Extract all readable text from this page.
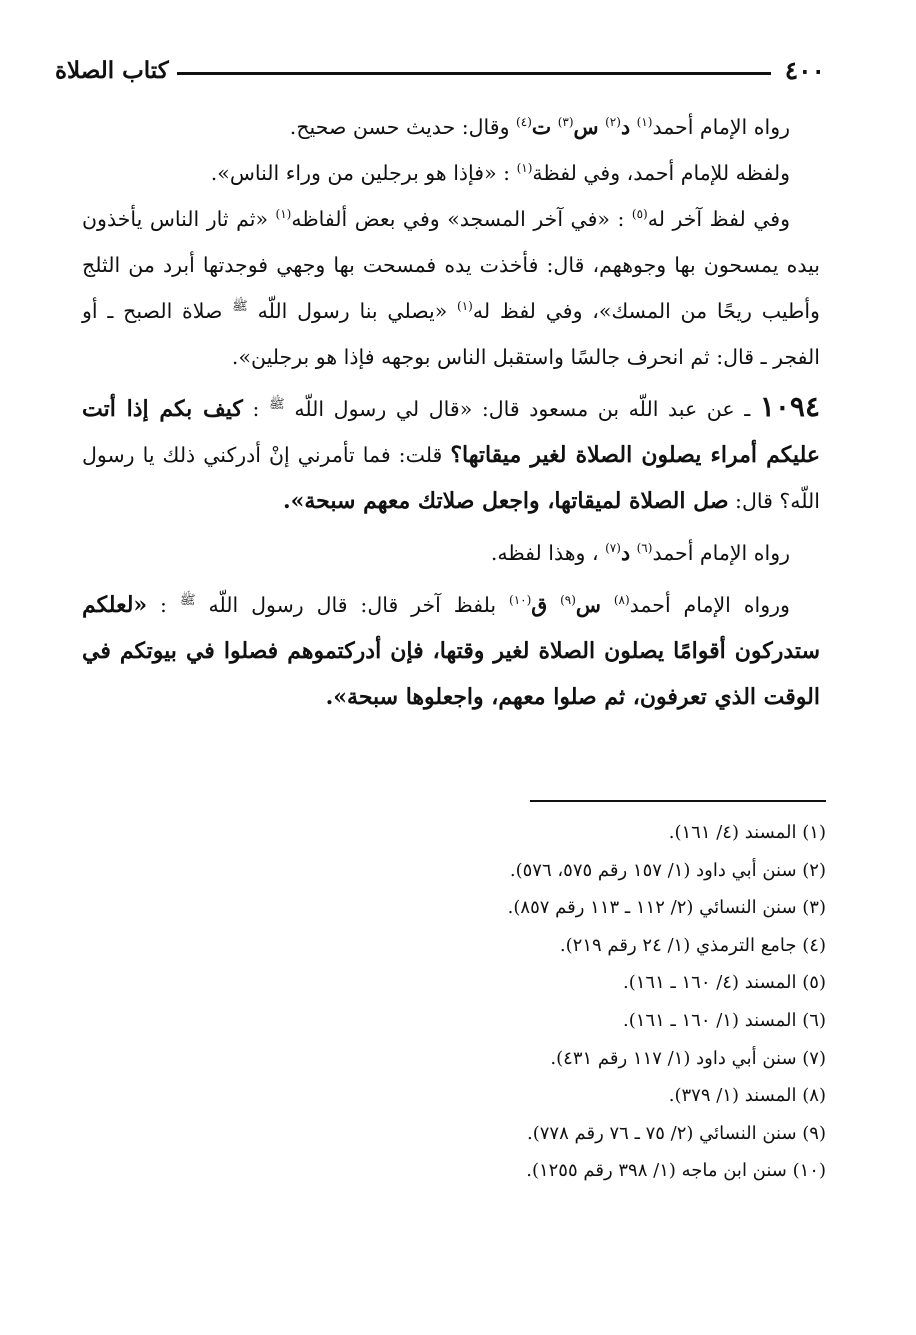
٤٠٠
كتاب الصلاة

رواه الإمام أحمد$^{(١)}$ د$^{(٢)}$ س$^{(٣)}$ ت$^{(٤)}$ وقال: حديث حسن صحيح.

ولفظه للإمام أحمد، وفي لفظة$^{(١)}$ : «فإذا هو برجلين من وراء الناس».

وفي لفظ آخر له$^{(٥)}$ : «في آخر المسجد» وفي بعض ألفاظه$^{(١)}$ «ثم ثار الناس يأخذون بيده يمسحون بها وجوههم، قال: فأخذت يده فمسحت بها وجهي فوجدتها أبرد من الثلج وأطيب ريحًا من المسك»، وفي لفظ له$^{(١)}$ «يصلي بنا رسول اللّه $^ﷺ$ صلاة الصبح ـ أو الفجر ـ قال: ثم انحرف جالسًا واستقبل الناس بوجهه فإذا هو برجلين».

١٠٩٤ ـ عن عبد اللّه بن مسعود قال: «قال لي رسول اللّه $^ﷺ$ : كيف بكم إذا أتت عليكم أمراء يصلون الصلاة لغير ميقاتها؟ قلت: فما تأمرني إنْ أدركني ذلك يا رسول اللّه؟ قال: صل الصلاة لميقاتها، واجعل صلاتك معهم سبحة».

رواه الإمام أحمد$^{(٦)}$ د$^{(٧)}$ ، وهذا لفظه.

ورواه الإمام أحمد$^{(٨)}$ س$^{(٩)}$ ق$^{(١٠)}$ بلفظ آخر قال: قال رسول اللّه $^ﷺ$ : «لعلكم ستدركون أقوامًا يصلون الصلاة لغير وقتها، فإن أدركتموهم فصلوا في بيوتكم في الوقت الذي تعرفون، ثم صلوا معهم، واجعلوها سبحة».

(١) المسند (٤/ ١٦١).
(٢) سنن أبي داود (١/ ١٥٧ رقم ٥٧٥، ٥٧٦).
(٣) سنن النسائي (٢/ ١١٢ ـ ١١٣ رقم ٨٥٧).
(٤) جامع الترمذي (١/ ٢٤ رقم ٢١٩).
(٥) المسند (٤/ ١٦٠ ـ ١٦١).
(٦) المسند (١/ ١٦٠ ـ ١٦١).
(٧) سنن أبي داود (١/ ١١٧ رقم ٤٣١).
(٨) المسند (١/ ٣٧٩).
(٩) سنن النسائي (٢/ ٧٥ ـ ٧٦ رقم ٧٧٨).
(١٠) سنن ابن ماجه (١/ ٣٩٨ رقم ١٢٥٥).
